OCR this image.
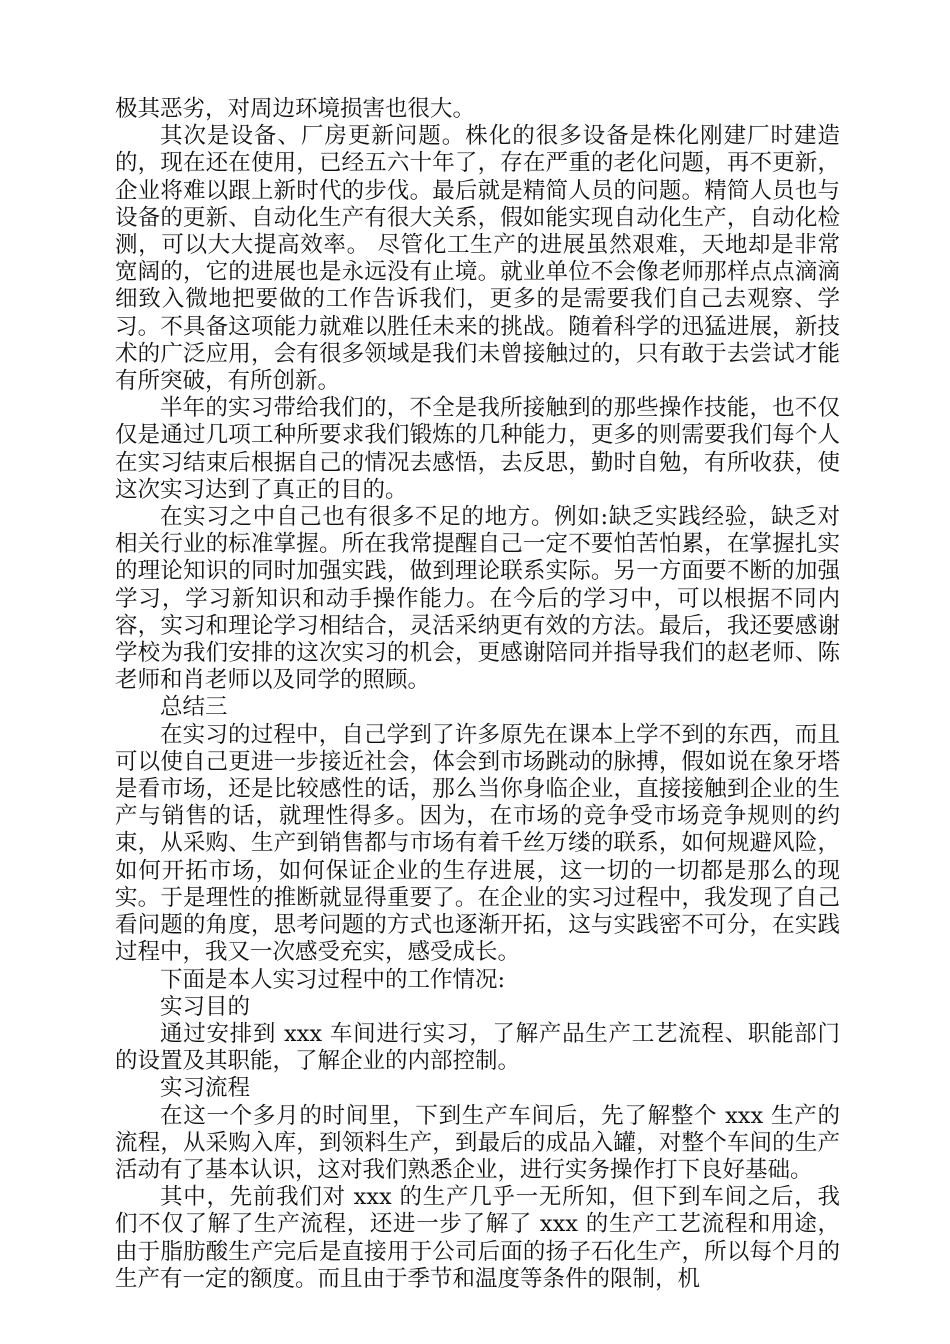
极其恶劣，对周边环境损害也很大。

其次是设备、厂房更新问题。株化的很多设备是株化刚建厂时建造的，现在还在使用，已经五六十年了，存在严重的老化问题，再不更新，企业将难以跟上新时代的步伐。最后就是精简人员的问题。精简人员也与设备的更新、自动化生产有很大关系，假如能实现自动化生产，自动化检测，可以大大提高效率。 尽管化工生产的进展虽然艰难，天地却是非常宽阔的，它的进展也是永远没有止境。就业单位不会像老师那样点点滴滴细致入微地把要做的工作告诉我们，更多的是需要我们自己去观察、学习。不具备这项能力就难以胜任未来的挑战。随着科学的迅猛进展，新技术的广泛应用，会有很多领域是我们未曾接触过的，只有敢于去尝试才能有所突破，有所创新。

半年的实习带给我们的，不全是我所接触到的那些操作技能，也不仅仅是通过几项工种所要求我们锻炼的几种能力，更多的则需要我们每个人在实习结束后根据自己的情况去感悟，去反思，勤时自勉，有所收获，使这次实习达到了真正的目的。

在实习之中自己也有很多不足的地方。例如:缺乏实践经验，缺乏对相关行业的标准掌握。所在我常提醒自己一定不要怕苦怕累，在掌握扎实的理论知识的同时加强实践，做到理论联系实际。另一方面要不断的加强学习，学习新知识和动手操作能力。在今后的学习中，可以根据不同内容，实习和理论学习相结合，灵活采纳更有效的方法。最后，我还要感谢学校为我们安排的这次实习的机会，更感谢陪同并指导我们的赵老师、陈老师和肖老师以及同学的照顾。

总结三

在实习的过程中，自己学到了许多原先在课本上学不到的东西，而且可以使自己更进一步接近社会，体会到市场跳动的脉搏，假如说在象牙塔是看市场，还是比较感性的话，那么当你身临企业，直接接触到企业的生产与销售的话，就理性得多。因为，在市场的竞争受市场竞争规则的约束，从采购、生产到销售都与市场有着千丝万缕的联系，如何规避风险，如何开拓市场，如何保证企业的生存进展，这一切的一切都是那么的现实。于是理性的推断就显得重要了。在企业的实习过程中，我发现了自己看问题的角度，思考问题的方式也逐渐开拓，这与实践密不可分，在实践过程中，我又一次感受充实，感受成长。

下面是本人实习过程中的工作情况:

实习目的

通过安排到 xxx 车间进行实习，了解产品生产工艺流程、职能部门的设置及其职能，了解企业的内部控制。

实习流程

在这一个多月的时间里，下到生产车间后，先了解整个 xxx 生产的流程，从采购入库，到领料生产，到最后的成品入罐，对整个车间的生产活动有了基本认识，这对我们熟悉企业，进行实务操作打下良好基础。

其中，先前我们对 xxx 的生产几乎一无所知，但下到车间之后，我们不仅了解了生产流程，还进一步了解了 xxx 的生产工艺流程和用途，由于脂肪酸生产完后是直接用于公司后面的扬子石化生产，所以每个月的生产有一定的额度。而且由于季节和温度等条件的限制，机
